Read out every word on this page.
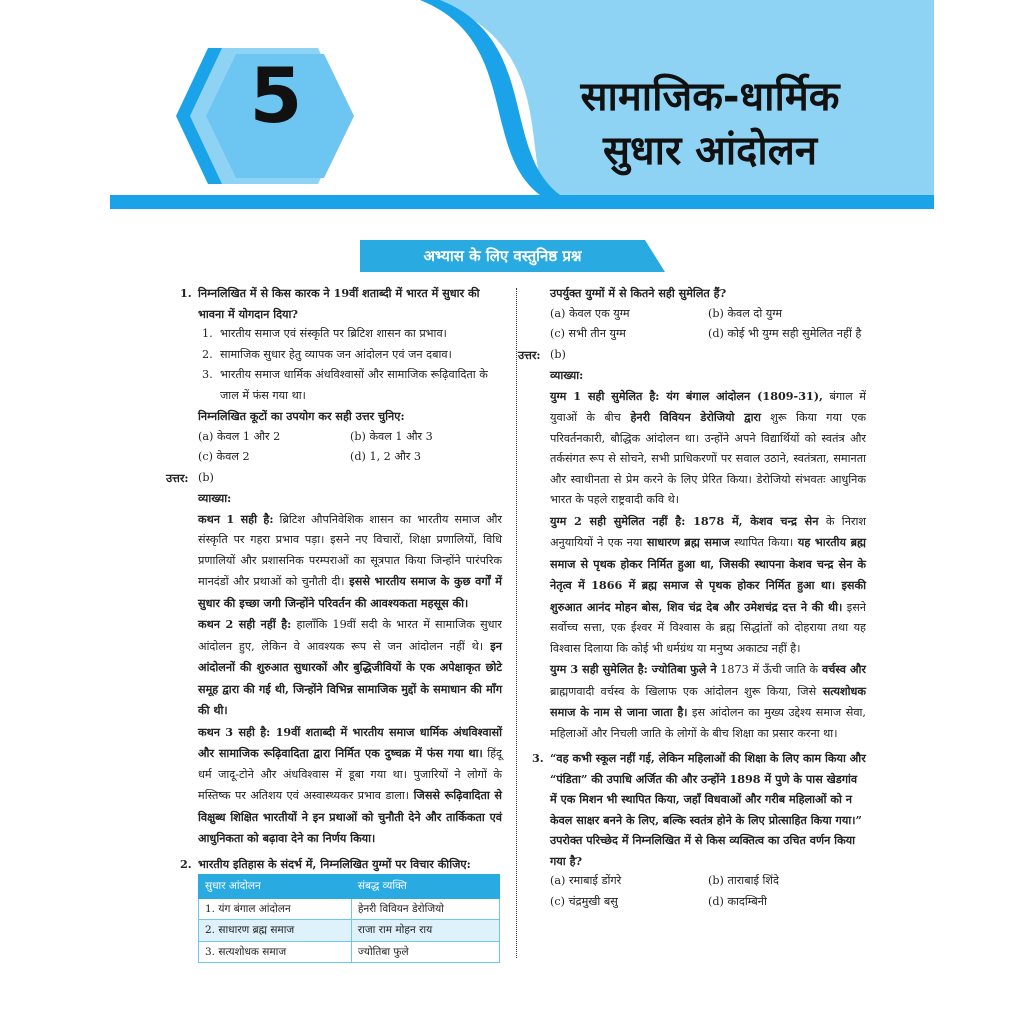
5	सामाजिक-धार्मिक
सुधार आंदोलन
अभ्यास के लिए वस्तुनिष्ठ प्रश्न
1. निम्नलिखित में से किस कारक ने 19वीं शताब्दी में भारत में सुधार की भावना में योगदान दिया?
1. भारतीय समाज एवं संस्कृति पर ब्रिटिश शासन का प्रभाव।
2. सामाजिक सुधार हेतु व्यापक जन आंदोलन एवं जन दबाव।
3. भारतीय समाज धार्मिक अंधविश्वासों और सामाजिक रूढ़िवादिता के जाल में फंस गया था।
निम्नलिखित कूटों का उपयोग कर सही उत्तर चुनिए:
(a) केवल 1 और 2	(b) केवल 1 और 3
(c) केवल 2	(d) 1, 2 और 3
उत्तर: (b)
व्याख्या:
कथन 1 सही है: ब्रिटिश औपनिवेशिक शासन का भारतीय समाज और संस्कृति पर गहरा प्रभाव पड़ा। इसने नए विचारों, शिक्षा प्रणालियों, विधि प्रणालियों और प्रशासनिक परम्पराओं का सूत्रपात किया जिन्होंने पारंपरिक मानदंडों और प्रथाओं को चुनौती दी। इससे भारतीय समाज के कुछ वर्गों में सुधार की इच्छा जगी जिन्होंने परिवर्तन की आवश्यकता महसूस की।
कथन 2 सही नहीं है: हालाँकि 19वीं सदी के भारत में सामाजिक सुधार आंदोलन हुए, लेकिन वे आवश्यक रूप से जन आंदोलन नहीं थे। इन आंदोलनों की शुरुआत सुधारकों और बुद्धिजीवियों के एक अपेक्षाकृत छोटे समूह द्वारा की गई थी, जिन्होंने विभिन्न सामाजिक मुद्दों के समाधान की माँग की थी।
कथन 3 सही है: 19वीं शताब्दी में भारतीय समाज धार्मिक अंधविश्वासों और सामाजिक रूढ़िवादिता द्वारा निर्मित एक दुष्चक्र में फंस गया था। हिंदू धर्म जादू-टोने और अंधविश्वास में डूबा गया था। पुजारियों ने लोगों के मस्तिष्क पर अतिशय एवं अस्वास्थ्यकर प्रभाव डाला। जिससे रूढ़िवादिता से विक्षुब्ध शिक्षित भारतीयों ने इन प्रथाओं को चुनौती देने और तार्किकता एवं आधुनिकता को बढ़ावा देने का निर्णय किया।
2. भारतीय इतिहास के संदर्भ में, निम्नलिखित युग्मों पर विचार कीजिए:
सुधार आंदोलन	संबद्ध व्यक्ति
1. यंग बंगाल आंदोलन	हेनरी विवियन डेरोजियो
2. साधारण ब्रह्म समाज	राजा राम मोहन राय
3. सत्यशोधक समाज	ज्योतिबा फुले
उपर्युक्त युग्मों में से कितने सही सुमेलित हैं?
(a) केवल एक युग्म	(b) केवल दो युग्म
(c) सभी तीन युग्म	(d) कोई भी युग्म सही सुमेलित नहीं है
उत्तर: (b)
व्याख्या:
युग्म 1 सही सुमेलित है: यंग बंगाल आंदोलन (1809-31), बंगाल में युवाओं के बीच हेनरी विवियन डेरोजियो द्वारा शुरू किया गया एक परिवर्तनकारी, बौद्धिक आंदोलन था। उन्होंने अपने विद्यार्थियों को स्वतंत्र और तर्कसंगत रूप से सोचने, सभी प्राधिकरणों पर सवाल उठाने, स्वतंत्रता, समानता और स्वाधीनता से प्रेम करने के लिए प्रेरित किया। डेरोजियो संभवतः आधुनिक भारत के पहले राष्ट्रवादी कवि थे।
युग्म 2 सही सुमेलित नहीं है: 1878 में, केशव चन्द्र सेन के निराश अनुयायियों ने एक नया साधारण ब्रह्म समाज स्थापित किया। यह भारतीय ब्रह्म समाज से पृथक होकर निर्मित हुआ था, जिसकी स्थापना केशव चन्द्र सेन के नेतृत्व में 1866 में ब्रह्म समाज से पृथक होकर निर्मित हुआ था। इसकी शुरुआत आनंद मोहन बोस, शिव चंद्र देब और उमेशचंद्र दत्त ने की थी। इसने सर्वोच्च सत्ता, एक ईश्वर में विश्वास के ब्रह्म सिद्धांतों को दोहराया तथा यह विश्वास दिलाया कि कोई भी धर्मग्रंथ या मनुष्य अकाट्य नहीं है।
युग्म 3 सही सुमेलित है: ज्योतिबा फुले ने 1873 में ऊँची जाति के वर्चस्व और ब्राह्मणवादी वर्चस्व के खिलाफ एक आंदोलन शुरू किया, जिसे सत्यशोधक समाज के नाम से जाना जाता है। इस आंदोलन का मुख्य उद्देश्य समाज सेवा, महिलाओं और निचली जाति के लोगों के बीच शिक्षा का प्रसार करना था।
3. “वह कभी स्कूल नहीं गई, लेकिन महिलाओं की शिक्षा के लिए काम किया और “पंडिता” की उपाधि अर्जित की और उन्होंने 1898 में पुणे के पास खेडगांव में एक मिशन भी स्थापित किया, जहाँ विधवाओं और गरीब महिलाओं को न केवल साक्षर बनने के लिए, बल्कि स्वतंत्र होने के लिए प्रोत्साहित किया गया।”
उपरोक्त परिच्छेद में निम्नलिखित में से किस व्यक्तित्व का उचित वर्णन किया गया है?
(a) रमाबाई डोंगरे	(b) ताराबाई शिंदे
(c) चंद्रमुखी बसु	(d) कादम्बिनी
